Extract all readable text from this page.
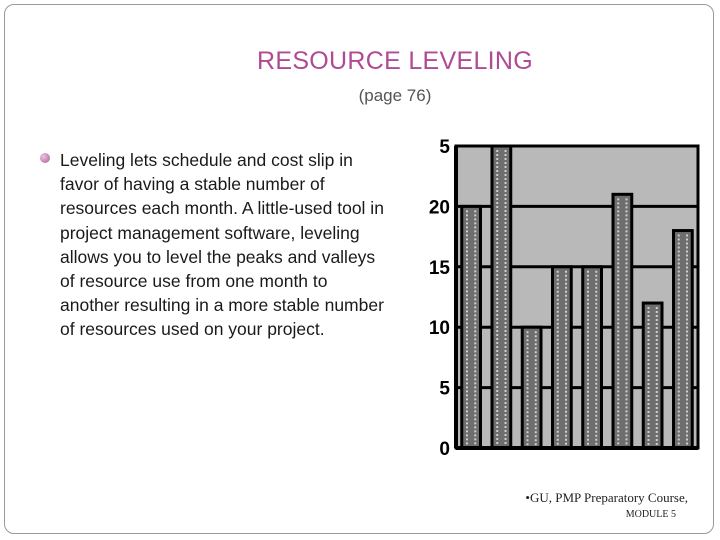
RESOURCE LEVELING
(page 76)
Leveling lets schedule and cost slip in favor of having a stable number of resources each month. A little-used tool in project management software, leveling allows you to level the peaks and valleys of resource use from one month to another resulting in a more stable number of resources used on your project.
0
5
10
15
20
5
•GU, PMP Preparatory Course,
MODULE 5
